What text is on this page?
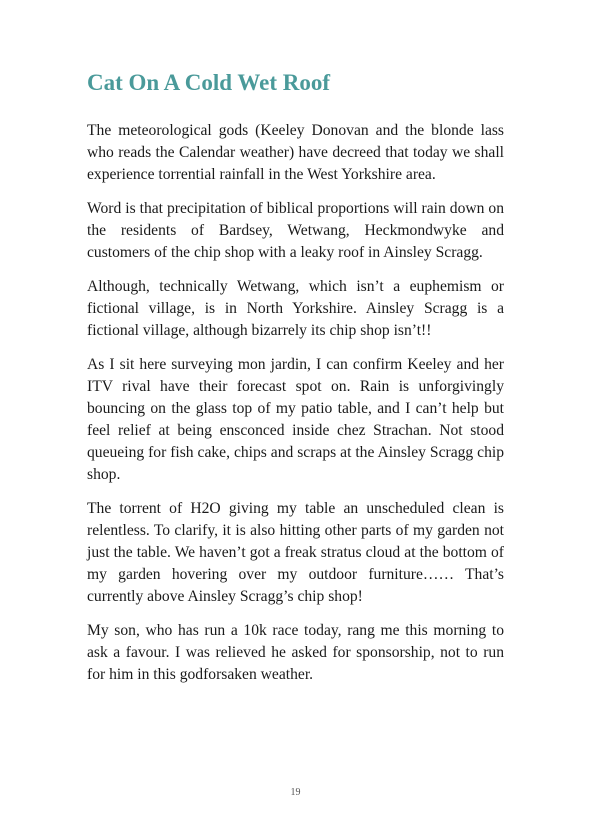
Cat On A Cold Wet Roof

The meteorological gods (Keeley Donovan and the blonde lass who reads the Calendar weather) have decreed that today we shall experience torrential rainfall in the West Yorkshire area.

Word is that precipitation of biblical proportions will rain down on the residents of Bardsey, Wetwang, Heckmondwyke and customers of the chip shop with a leaky roof in Ainsley Scragg.

Although, technically Wetwang, which isn’t a euphemism or fictional village, is in North Yorkshire. Ainsley Scragg is a fictional village, although bizarrely its chip shop isn’t!!

As I sit here surveying mon jardin, I can confirm Keeley and her ITV rival have their forecast spot on. Rain is unforgivingly bouncing on the glass top of my patio table, and I can’t help but feel relief at being ensconced inside chez Strachan. Not stood queueing for fish cake, chips and scraps at the Ainsley Scragg chip shop.

The torrent of H2O giving my table an unscheduled clean is relentless. To clarify, it is also hitting other parts of my garden not just the table. We haven’t got a freak stratus cloud at the bottom of my garden hovering over my outdoor furniture…… That’s currently above Ainsley Scragg’s chip shop!

My son, who has run a 10k race today, rang me this morning to ask a favour. I was relieved he asked for sponsorship, not to run for him in this godforsaken weather.

19
